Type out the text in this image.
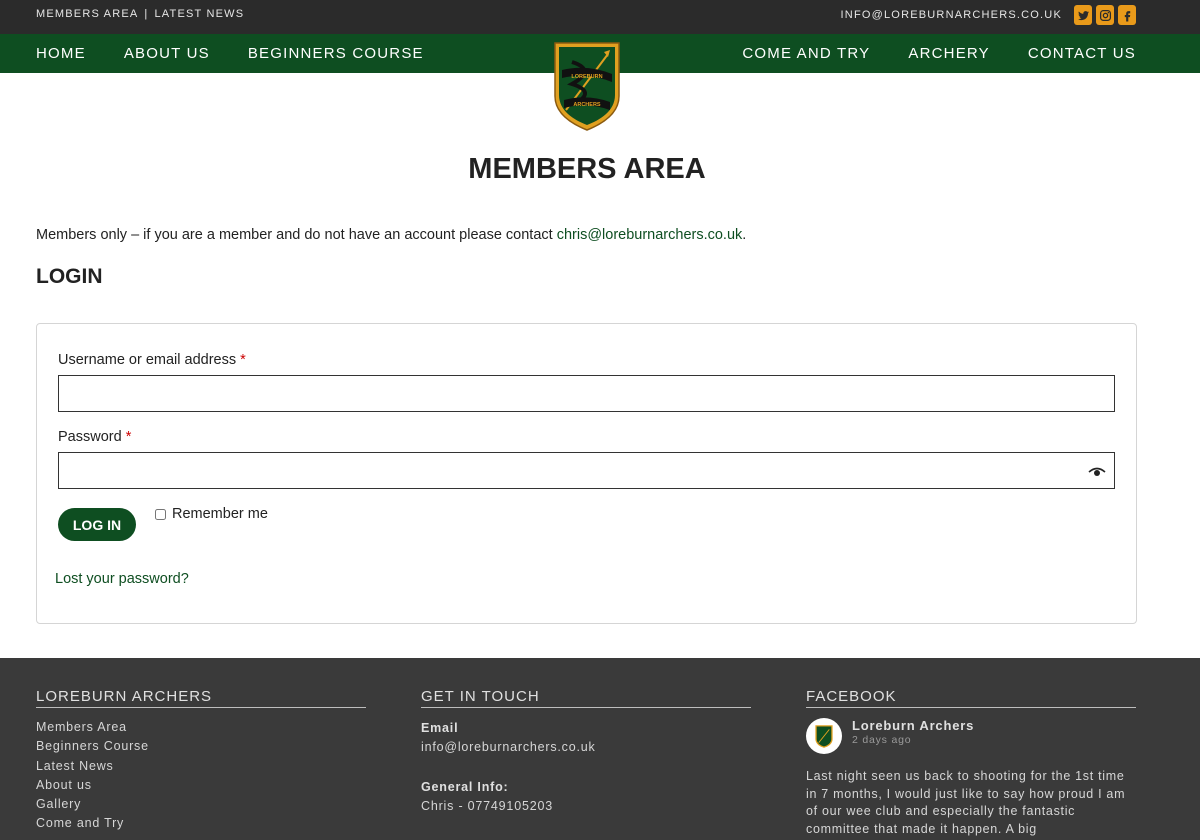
MEMBERS AREA | LATEST NEWS	INFO@LOREBURNARCHERS.CO.UK
HOME	ABOUT US	BEGINNERS COURSE	COME AND TRY	ARCHERY	CONTACT US
LOREBURN
ARCHERS
MEMBERS AREA

Members only – if you are a member and do not have an account please contact chris@loreburnarchers.co.uk.

LOGIN
Username or email address *
Password *
LOG IN
Remember me
Lost your password?
LOREBURN ARCHERS
Members Area
Beginners Course
Latest News
About us
Gallery
Come and Try
GET IN TOUCH
Email
info@loreburnarchers.co.uk
General Info:
Chris - 07749105203
FACEBOOK
Loreburn Archers
2 days ago

Last night seen us back to shooting for the 1st time in 7 months, I would just like to say how proud I am of our wee club and especially the fantastic committee that made it happen. A big
